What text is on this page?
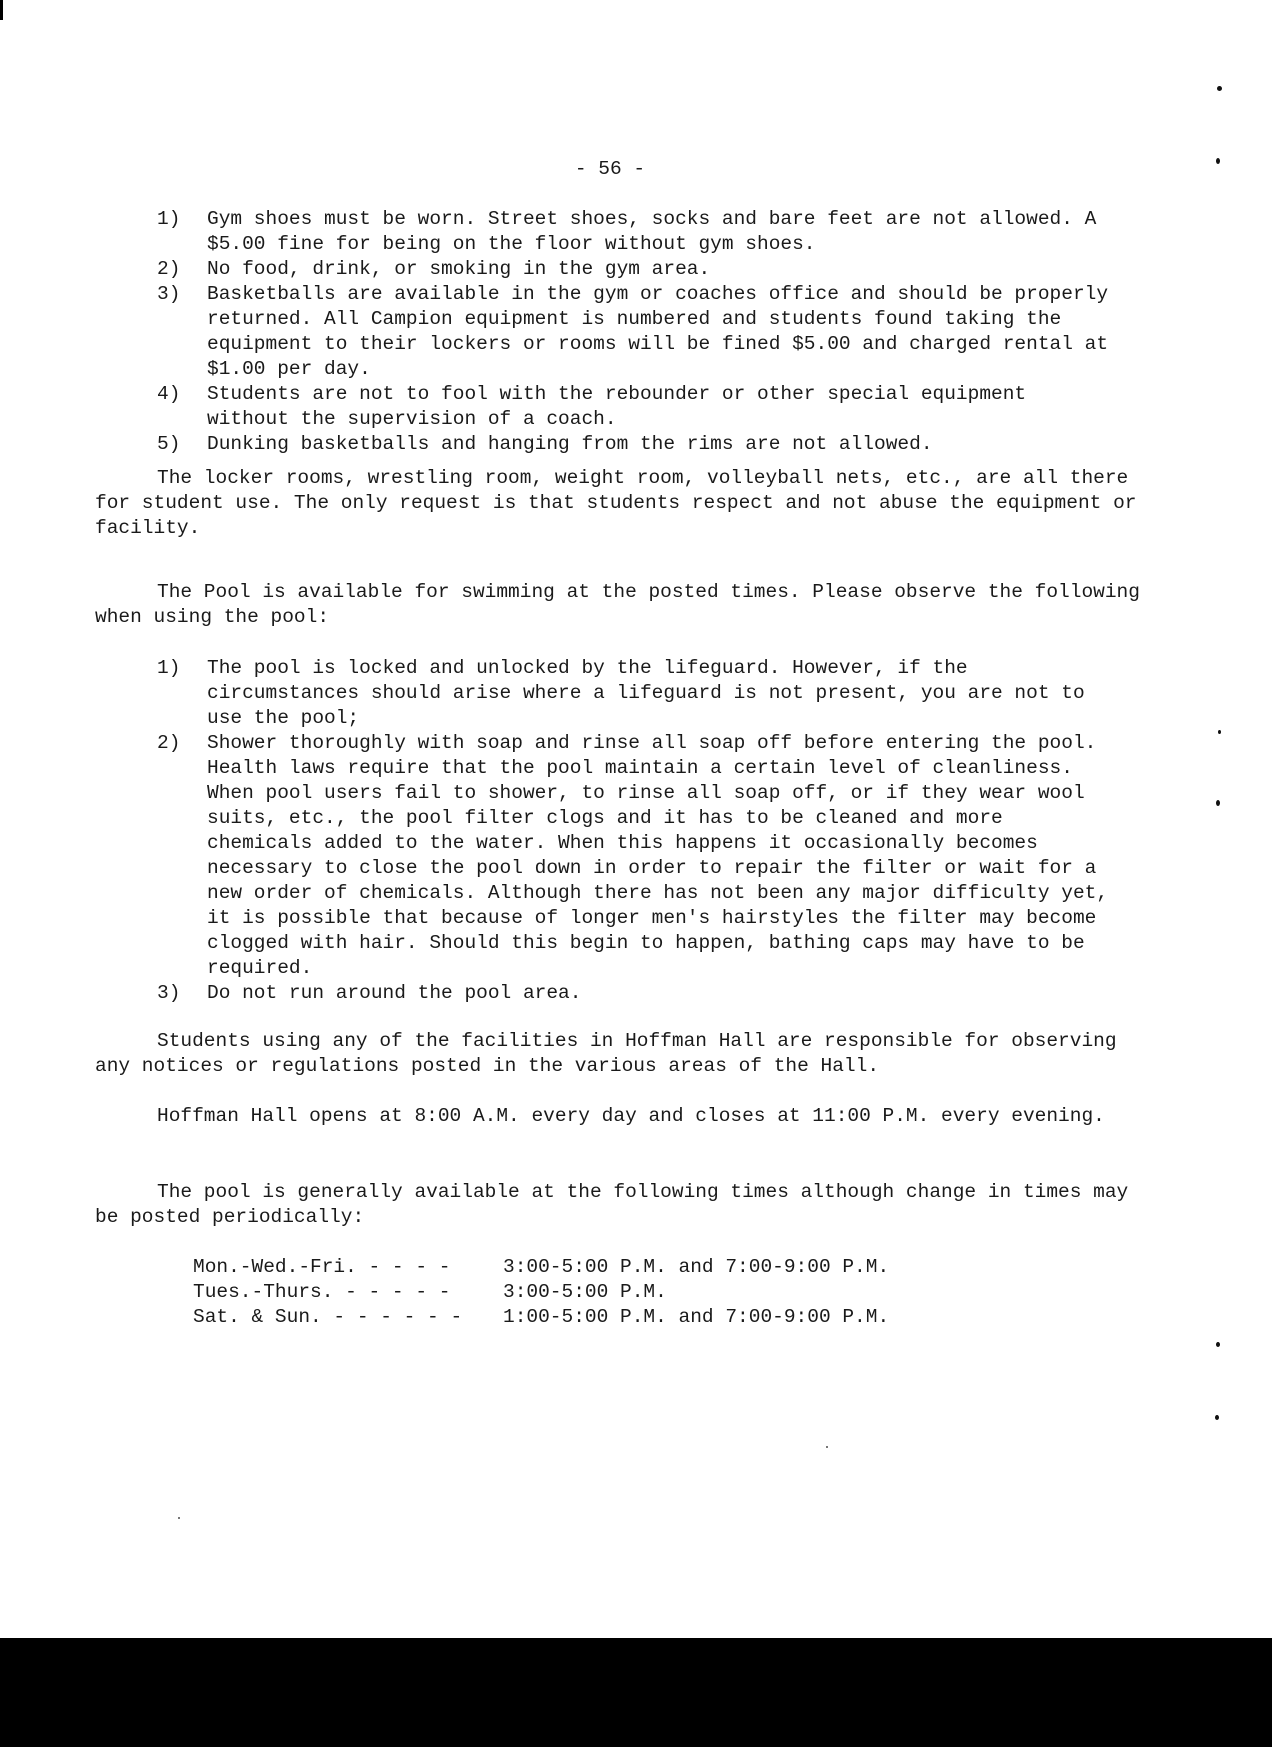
- 56 -
1) Gym shoes must be worn. Street shoes, socks and bare feet are not allowed. A $5.00 fine for being on the floor without gym shoes.
2) No food, drink, or smoking in the gym area.
3) Basketballs are available in the gym or coaches office and should be properly returned. All Campion equipment is numbered and students found taking the equipment to their lockers or rooms will be fined $5.00 and charged rental at $1.00 per day.
4) Students are not to fool with the rebounder or other special equipment without the supervision of a coach.
5) Dunking basketballs and hanging from the rims are not allowed.

The locker rooms, wrestling room, weight room, volleyball nets, etc., are all there for student use. The only request is that students respect and not abuse the equipment or facility.

The Pool is available for swimming at the posted times. Please observe the following when using the pool:

1) The pool is locked and unlocked by the lifeguard. However, if the circumstances should arise where a lifeguard is not present, you are not to use the pool;
2) Shower thoroughly with soap and rinse all soap off before entering the pool. Health laws require that the pool maintain a certain level of cleanliness. When pool users fail to shower, to rinse all soap off, or if they wear wool suits, etc., the pool filter clogs and it has to be cleaned and more chemicals added to the water. When this happens it occasionally becomes necessary to close the pool down in order to repair the filter or wait for a new order of chemicals. Although there has not been any major difficulty yet, it is possible that because of longer men's hairstyles the filter may become clogged with hair. Should this begin to happen, bathing caps may have to be required.
3) Do not run around the pool area.

Students using any of the facilities in Hoffman Hall are responsible for observing any notices or regulations posted in the various areas of the Hall.

Hoffman Hall opens at 8:00 A.M. every day and closes at 11:00 P.M. every evening.

The pool is generally available at the following times although change in times may be posted periodically:

Mon.-Wed.-Fri. - - - -	3:00-5:00 P.M. and 7:00-9:00 P.M.
Tues.-Thurs. - - - - -	3:00-5:00 P.M.
Sat. & Sun. - - - - - -	1:00-5:00 P.M. and 7:00-9:00 P.M.
